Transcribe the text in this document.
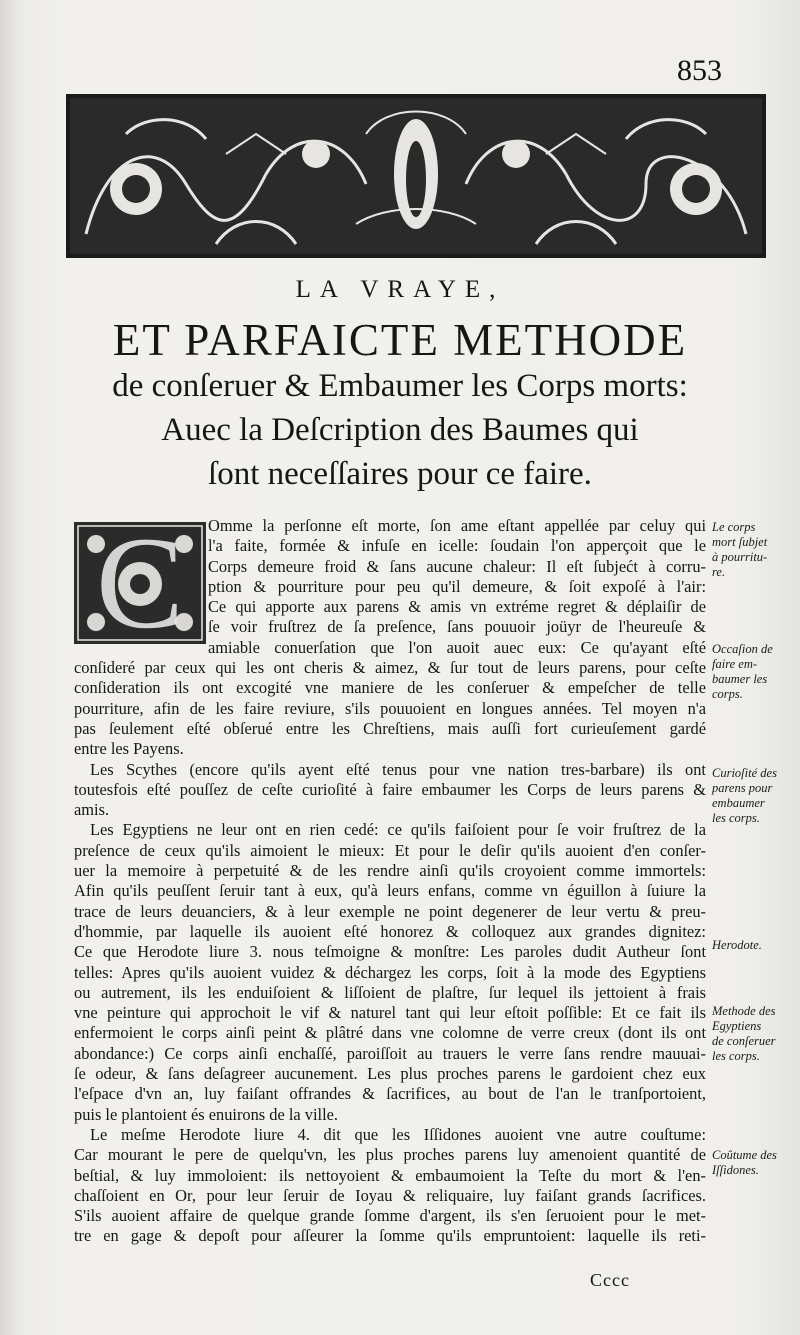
853
LA VRAYE,
ET PARFAICTE METHODE
de conſeruer & Embaumer les Corps morts:
Auec la Deſcription des Baumes qui
ſont neceſſaires pour ce faire.
C	Omme la perſonne eſt morte, ſon ame eſtant appellée par celuy qui
l'a faite, formée & infuſe en icelle: ſoudain l'on apperçoit que le
Corps demeure froid & ſans aucune chaleur: Il eſt ſubjećt à corru-
ption & pourriture pour peu qu'il demeure, & ſoit expoſé à l'air:
Ce qui apporte aux parens & amis vn extréme regret & déplaiſir de
ſe voir fruſtrez de ſa preſence, ſans pouuoir joüyr de l'heureuſe &
amiable conuerſation que l'on auoit auec eux: Ce qu'ayant eſté
conſideré par ceux qui les ont cheris & aimez, & ſur tout de leurs parens, pour ceſte
conſideration ils ont excogité vne maniere de les conſeruer & empeſcher de telle
pourriture, afin de les faire reviure, s'ils pouuoient en longues années. Tel moyen n'a
pas ſeulement eſté obſerué entre les Chreſtiens, mais auſſi fort curieuſement gardé
entre les Payens.
Les Scythes (encore qu'ils ayent eſté tenus pour vne nation tres-barbare) ils ont
toutesfois eſté pouſſez de ceſte curioſité à faire embaumer les Corps de leurs parens &
amis.
Les Egyptiens ne leur ont en rien cedé: ce qu'ils faiſoient pour ſe voir fruſtrez de la
preſence de ceux qu'ils aimoient le mieux: Et pour le deſir qu'ils auoient d'en conſer-
uer la memoire à perpetuité & de les rendre ainſi qu'ils croyoient comme immortels:
Afin qu'ils peuſſent ſeruir tant à eux, qu'à leurs enfans, comme vn éguillon à ſuiure la
trace de leurs deuanciers, & à leur exemple ne point degenerer de leur vertu & preu-
d'hommie, par laquelle ils auoient eſté honorez & colloquez aux grandes dignitez:
Ce que Herodote liure 3. nous teſmoigne & monſtre: Les paroles dudit Autheur ſont
telles: Apres qu'ils auoient vuidez & déchargez les corps, ſoit à la mode des Egyptiens
ou autrement, ils les enduiſoient & liſſoient de plaſtre, ſur lequel ils jettoient à frais
vne peinture qui approchoit le vif & naturel tant qui leur eſtoit poſſible: Et ce fait ils
enfermoient le corps ainſi peint & plâtré dans vne colomne de verre creux (dont ils ont
abondance:) Ce corps ainſi enchaſſé, paroiſſoit au trauers le verre ſans rendre mauuai-
ſe odeur, & ſans deſagreer aucunement. Les plus proches parens le gardoient chez eux
l'eſpace d'vn an, luy faiſant offrandes & ſacrifices, au bout de l'an le tranſportoient,
puis le plantoient és enuirons de la ville.
Le meſme Herodote liure 4. dit que les Iſſidones auoient vne autre couſtume:
Car mourant le pere de quelqu'vn, les plus proches parens luy amenoient quantité de
beſtial, & luy immoloient: ils nettoyoient & embaumoient la Teſte du mort & l'en-
chaſſoient en Or, pour leur ſeruir de Ioyau & reliquaire, luy faiſant grands ſacrifices.
S'ils auoient affaire de quelque grande ſomme d'argent, ils s'en ſeruoient pour le met-
tre en gage & depoſt pour aſſeurer la ſomme qu'ils empruntoient: laquelle ils reti-
Le corps
mort ſubjet
à pourritu-
re.
Occaſion de
faire em-
baumer les
corps.
Curioſité des
parens pour
embaumer
les corps.
Herodote.
Methode des
Egyptiens
de conſeruer
les corps.
Coûtume des
Iſſidones.
Cccc
